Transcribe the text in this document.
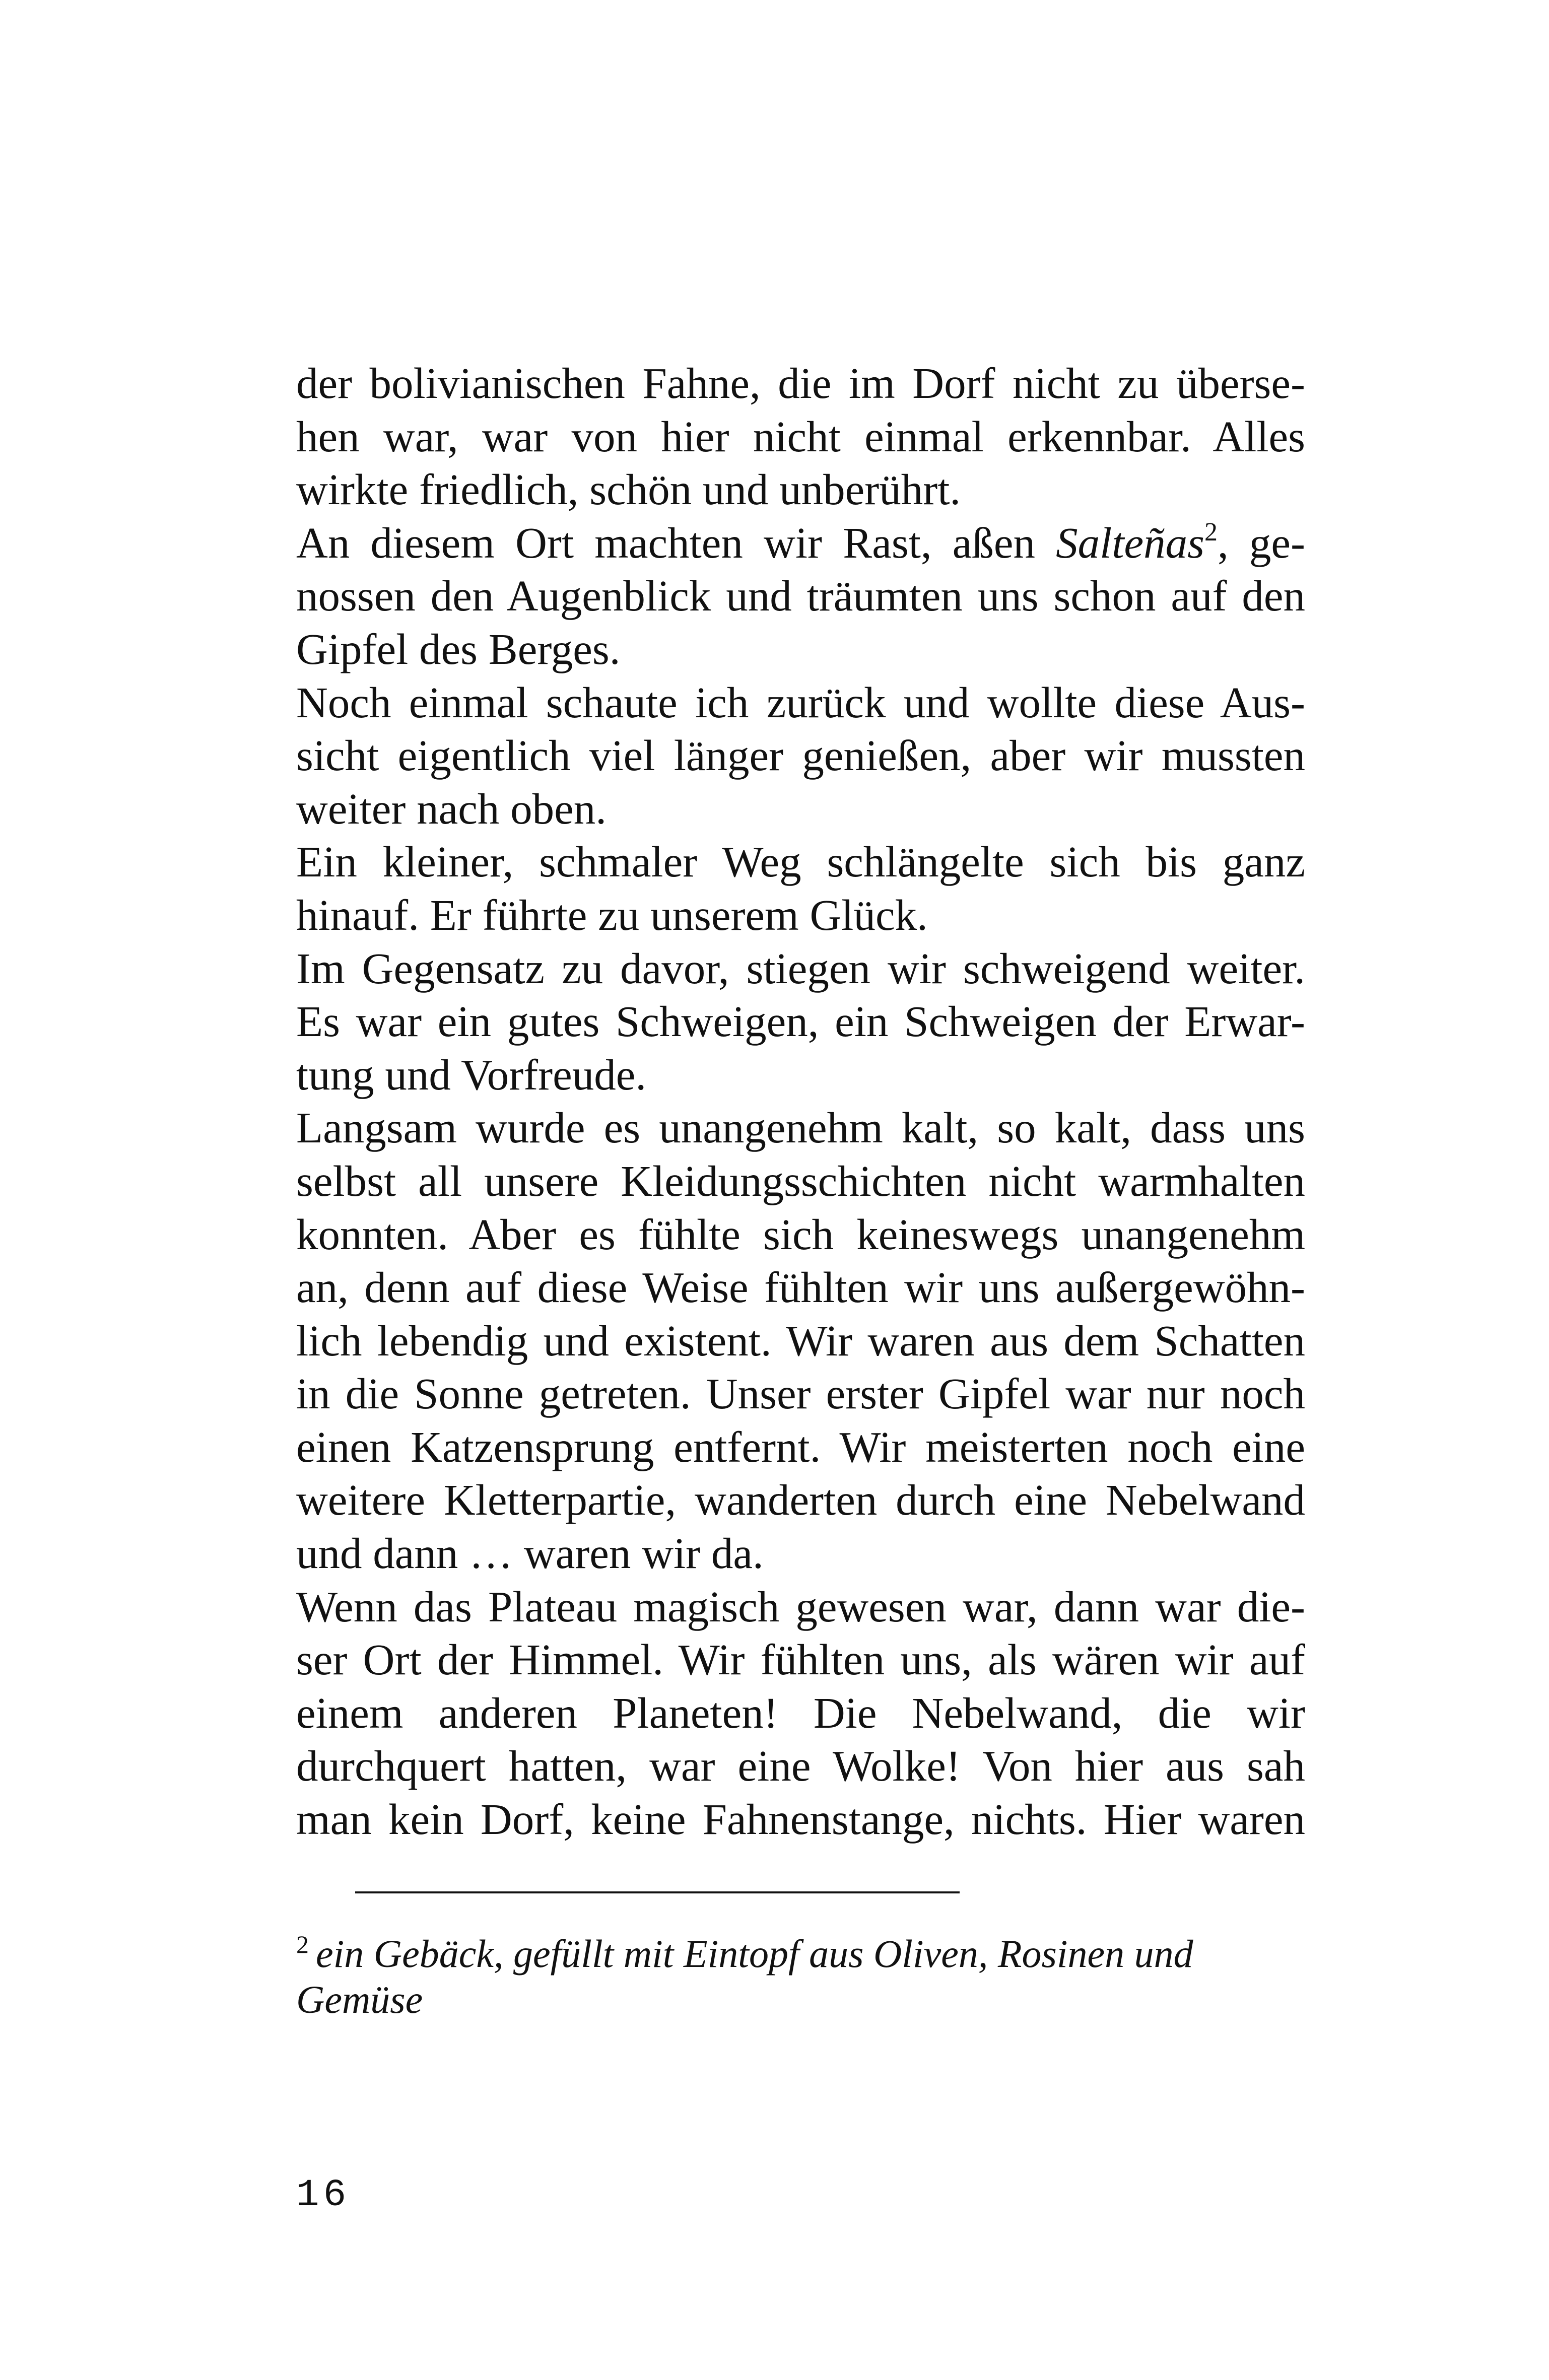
der bolivianischen Fahne, die im Dorf nicht zu überse-
hen war, war von hier nicht einmal erkennbar. Alles
wirkte friedlich, schön und unberührt.
An diesem Ort machten wir Rast, aßen Salteñas$^2$, ge-
nossen den Augenblick und träumten uns schon auf den
Gipfel des Berges.
Noch einmal schaute ich zurück und wollte diese Aus-
sicht eigentlich viel länger genießen, aber wir mussten
weiter nach oben.
Ein kleiner, schmaler Weg schlängelte sich bis ganz
hinauf. Er führte zu unserem Glück.
Im Gegensatz zu davor, stiegen wir schweigend weiter.
Es war ein gutes Schweigen, ein Schweigen der Erwar-
tung und Vorfreude.
Langsam wurde es unangenehm kalt, so kalt, dass uns
selbst all unsere Kleidungsschichten nicht warmhalten
konnten. Aber es fühlte sich keineswegs unangenehm
an, denn auf diese Weise fühlten wir uns außergewöhn-
lich lebendig und existent. Wir waren aus dem Schatten
in die Sonne getreten. Unser erster Gipfel war nur noch
einen Katzensprung entfernt. Wir meisterten noch eine
weitere Kletterpartie, wanderten durch eine Nebelwand
und dann … waren wir da.
Wenn das Plateau magisch gewesen war, dann war die-
ser Ort der Himmel. Wir fühlten uns, als wären wir auf
einem anderen Planeten! Die Nebelwand, die wir
durchquert hatten, war eine Wolke! Von hier aus sah
man kein Dorf, keine Fahnenstange, nichts. Hier waren
$^2$ ein Gebäck, gefüllt mit Eintopf aus Oliven, Rosinen und
Gemüse
16
